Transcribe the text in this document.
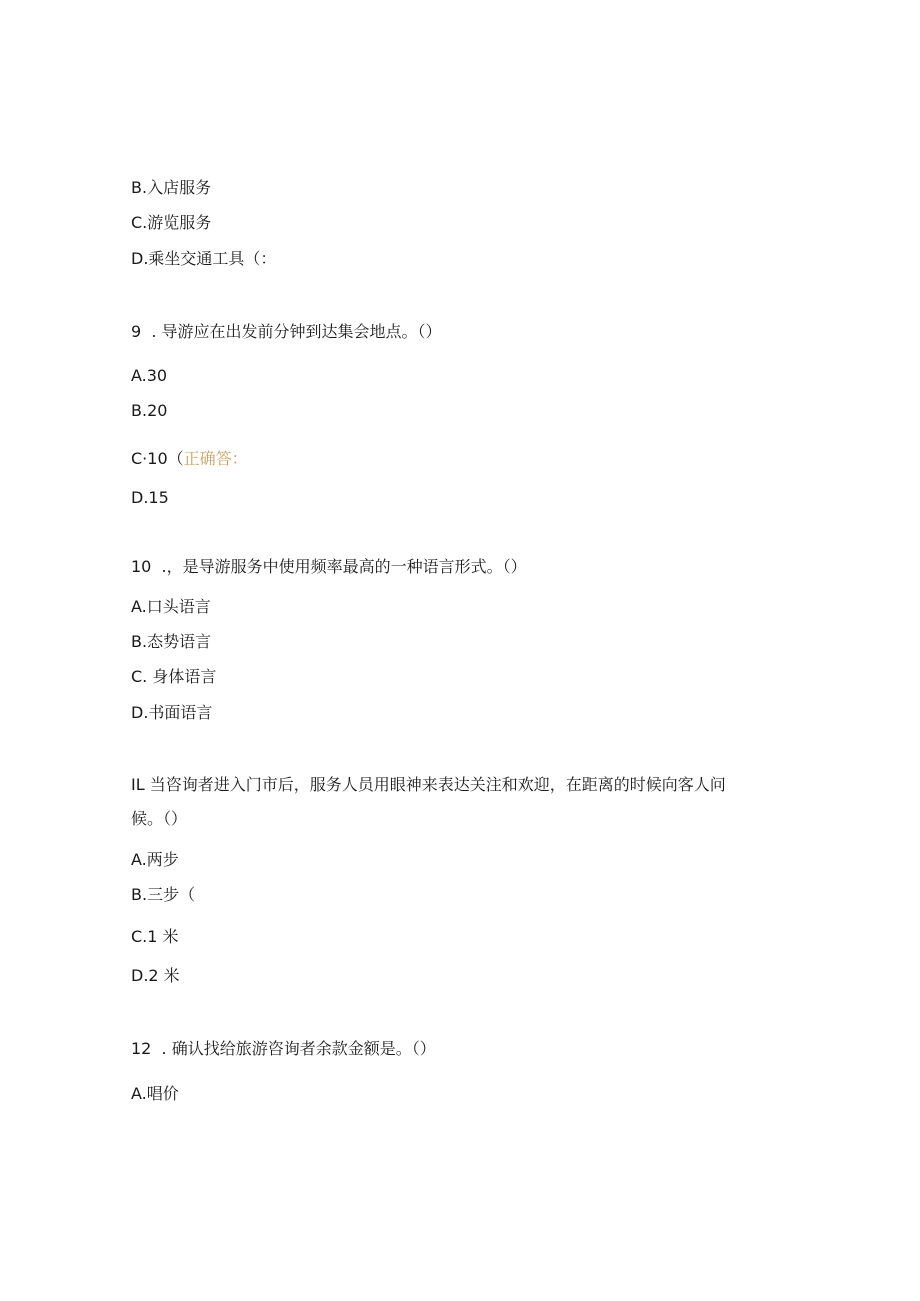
B.入店服务
C.游览服务
D.乘坐交通工具（：
9  . 导游应在出发前分钟到达集会地点。（）
A.30
B.20
C·10（正确答：
D.15
10  .，是导游服务中使用频率最高的一种语言形式。（）
A.口头语言
B.态势语言
C. 身体语言
D.书面语言
IL 当咨询者进入门市后，服务人员用眼神来表达关注和欢迎，在距离的时候向客人问
候。（）
A.两步
B.三步（
C.1 米
D.2 米
12  . 确认找给旅游咨询者余款金额是。（）
A.唱价
